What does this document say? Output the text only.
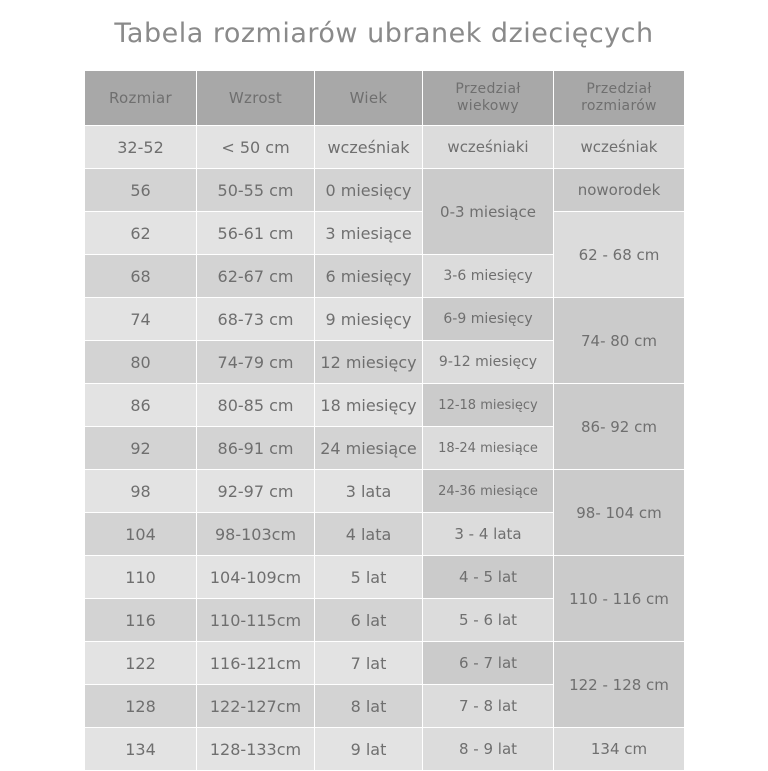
Tabela rozmiarów ubranek dziecięcych
Rozmiar	Wzrost	Wiek	Przedział wiekowy	Przedział rozmiarów
32-52	< 50 cm	wcześniak	wcześniaki	wcześniak
56	50-55 cm	0 miesięcy	0-3 miesiące	noworodek
62	56-61 cm	3 miesiące		62 - 68 cm
68	62-67 cm	6 miesięcy	3-6 miesięcy	
74	68-73 cm	9 miesięcy	6-9 miesięcy	74- 80 cm
80	74-79 cm	12 miesięcy	9-12 miesięcy	
86	80-85 cm	18 miesięcy	12-18 miesięcy	86- 92 cm
92	86-91 cm	24 miesiące	18-24 miesiące	
98	92-97 cm	3 lata	24-36 miesiące	98- 104 cm
104	98-103cm	4 lata	3 - 4 lata	
110	104-109cm	5 lat	4 - 5 lat	110 - 116 cm
116	110-115cm	6 lat	5 - 6 lat	
122	116-121cm	7 lat	6 - 7 lat	122 - 128 cm
128	122-127cm	8 lat	7 - 8 lat	
134	128-133cm	9 lat	8 - 9 lat	134 cm
